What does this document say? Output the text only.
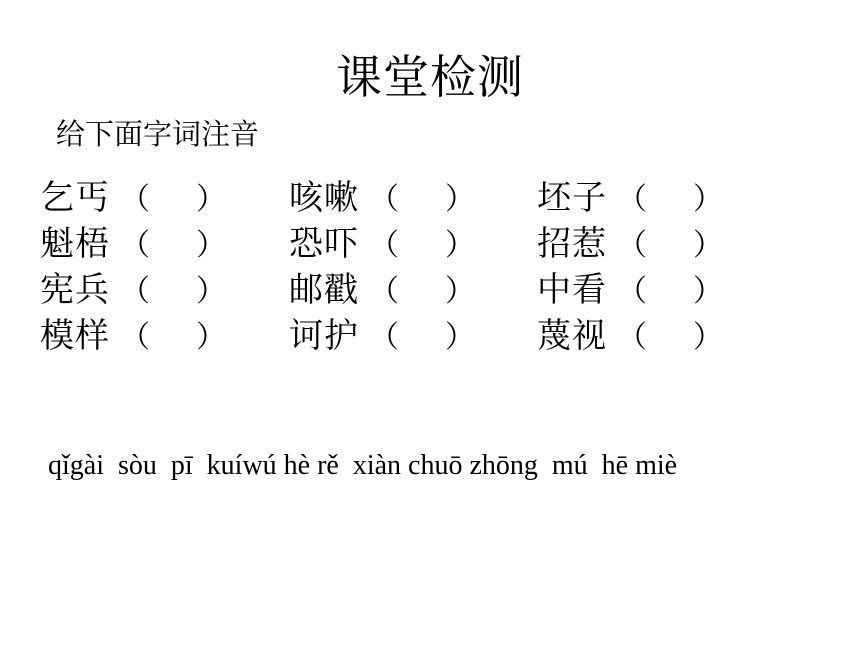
课堂检测
给下面字词注音
乞丐 （ ） 咳嗽 （ ） 坯子 （ ）
魁梧 （ ） 恐吓 （ ） 招惹 （ ）
宪兵 （ ） 邮戳 （ ） 中看 （ ）
模样 （ ） 诃护 （ ） 蔑视 （ ）
qǐgài  sòu  pī  kuíwú hè rě  xiàn chuō zhōng  mú  hē miè
